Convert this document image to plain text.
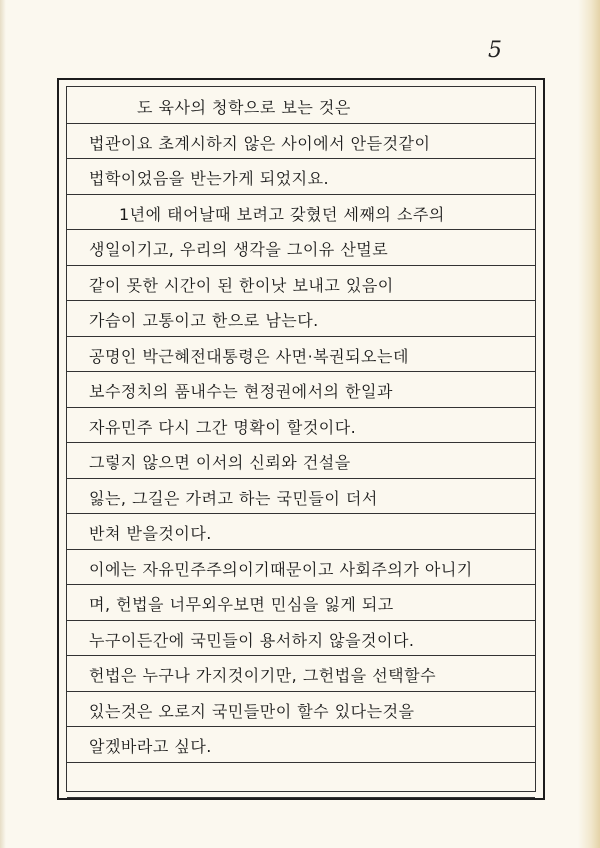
5
도 육사의 청학으로 보는 것은
법관이요 초계시하지 않은 사이에서 안듣것같이
법학이었음을 반는가게 되었지요.
1년에 태어날때 보려고 갖혔던 세째의 소주의
생일이기고, 우리의 생각을 그이유 산멀로
같이 못한 시간이 된 한이낫 보내고 있음이
가슴이 고통이고 한으로 남는다.
공명인 박근혜전대통령은 사면·복권되오는데
보수정치의 품내수는 현정권에서의 한일과
자유민주 다시 그간 명확이 할것이다.
그렇지 않으면 이서의 신뢰와 건설을
잃는, 그길은 가려고 하는 국민들이 더서
반쳐 받을것이다.
이에는 자유민주주의이기때문이고 사회주의가 아니기
며, 헌법을 너무외우보면 민심을 잃게 되고
누구이든간에 국민들이 용서하지 않을것이다.
헌법은 누구나 가지것이기만, 그헌법을 선택할수
있는것은 오로지 국민들만이 할수 있다는것을
알겠바라고 싶다.
